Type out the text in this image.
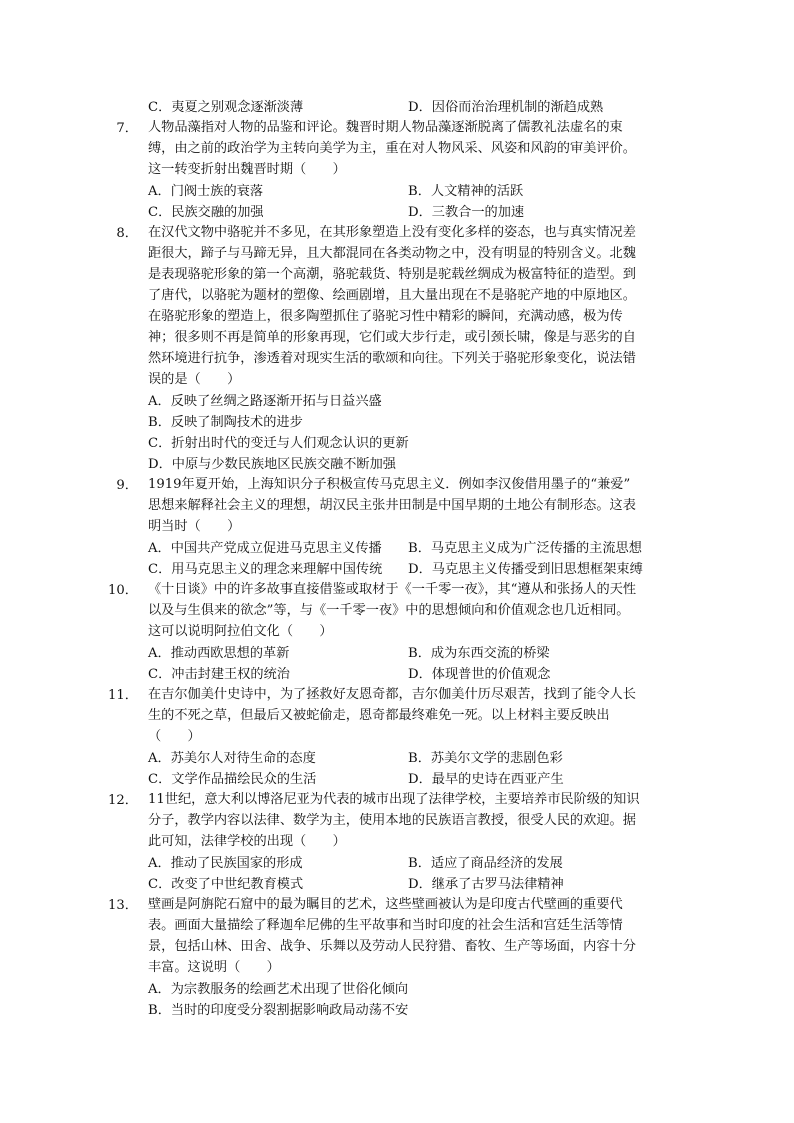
C．夷夏之别观念逐渐淡薄	D．因俗而治治理机制的渐趋成熟
7． 人物品藻指对人物的品鉴和评论。魏晋时期人物品藻逐渐脱离了儒教礼法虚名的束
缚，由之前的政治学为主转向美学为主，重在对人物风采、风姿和风韵的审美评价。
这一转变折射出魏晋时期（　　）
A．门阀士族的衰落	B．人文精神的活跃
C．民族交融的加强	D．三教合一的加速
8． 在汉代文物中骆驼并不多见，在其形象塑造上没有变化多样的姿态，也与真实情况差
距很大，蹄子与马蹄无异，且大都混同在各类动物之中，没有明显的特别含义。北魏
是表现骆驼形象的第一个高潮，骆驼载货、特别是驼载丝绸成为极富特征的造型。到
了唐代，以骆驼为题材的塑像、绘画剧增，且大量出现在不是骆驼产地的中原地区。
在骆驼形象的塑造上，很多陶塑抓住了骆驼习性中精彩的瞬间，充满动感，极为传
神；很多则不再是简单的形象再现，它们或大步行走，或引颈长啸，像是与恶劣的自
然环境进行抗争，渗透着对现实生活的歌颂和向往。下列关于骆驼形象变化，说法错
误的是（　　）
A．反映了丝绸之路逐渐开拓与日益兴盛
B．反映了制陶技术的进步
C．折射出时代的变迁与人们观念认识的更新
D．中原与少数民族地区民族交融不断加强
9． 1919年夏开始，上海知识分子积极宣传马克思主义．例如李汉俊借用墨子的“兼爱”
思想来解释社会主义的理想，胡汉民主张井田制是中国早期的土地公有制形态。这表
明当时（　　）
A．中国共产党成立促进马克思主义传播 B．马克思主义成为广泛传播的主流思想
C．用马克思主义的理念来理解中国传统 D．马克思主义传播受到旧思想框架束缚
10． 《十日谈》中的许多故事直接借鉴或取材于《一千零一夜》，其“遵从和张扬人的天性
以及与生俱来的欲念”等，与《一千零一夜》中的思想倾向和价值观念也几近相同。
这可以说明阿拉伯文化（　　）
A．推动西欧思想的革新	B．成为东西交流的桥梁
C．冲击封建王权的统治	D．体现普世的价值观念
11． 在吉尔伽美什史诗中，为了拯救好友恩奇都，吉尔伽美什历尽艰苦，找到了能令人长
生的不死之草，但最后又被蛇偷走，恩奇都最终难免一死。以上材料主要反映出
（　　）
A．苏美尔人对待生命的态度	B．苏美尔文学的悲剧色彩
C．文学作品描绘民众的生活	D．最早的史诗在西亚产生
12． 11世纪，意大利以博洛尼亚为代表的城市出现了法律学校，主要培养市民阶级的知识
分子，教学内容以法律、数学为主，使用本地的民族语言教授，很受人民的欢迎。据
此可知，法律学校的出现（　　）
A．推动了民族国家的形成	B．适应了商品经济的发展
C．改变了中世纪教育模式	D．继承了古罗马法律精神
13． 壁画是阿旃陀石窟中的最为瞩目的艺术，这些壁画被认为是印度古代壁画的重要代
表。画面大量描绘了释迦牟尼佛的生平故事和当时印度的社会生活和宫廷生活等情
景，包括山林、田舍、战争、乐舞以及劳动人民狩猎、畜牧、生产等场面，内容十分
丰富。这说明（　　）
A．为宗教服务的绘画艺术出现了世俗化倾向
B．当时的印度受分裂割据影响政局动荡不安
